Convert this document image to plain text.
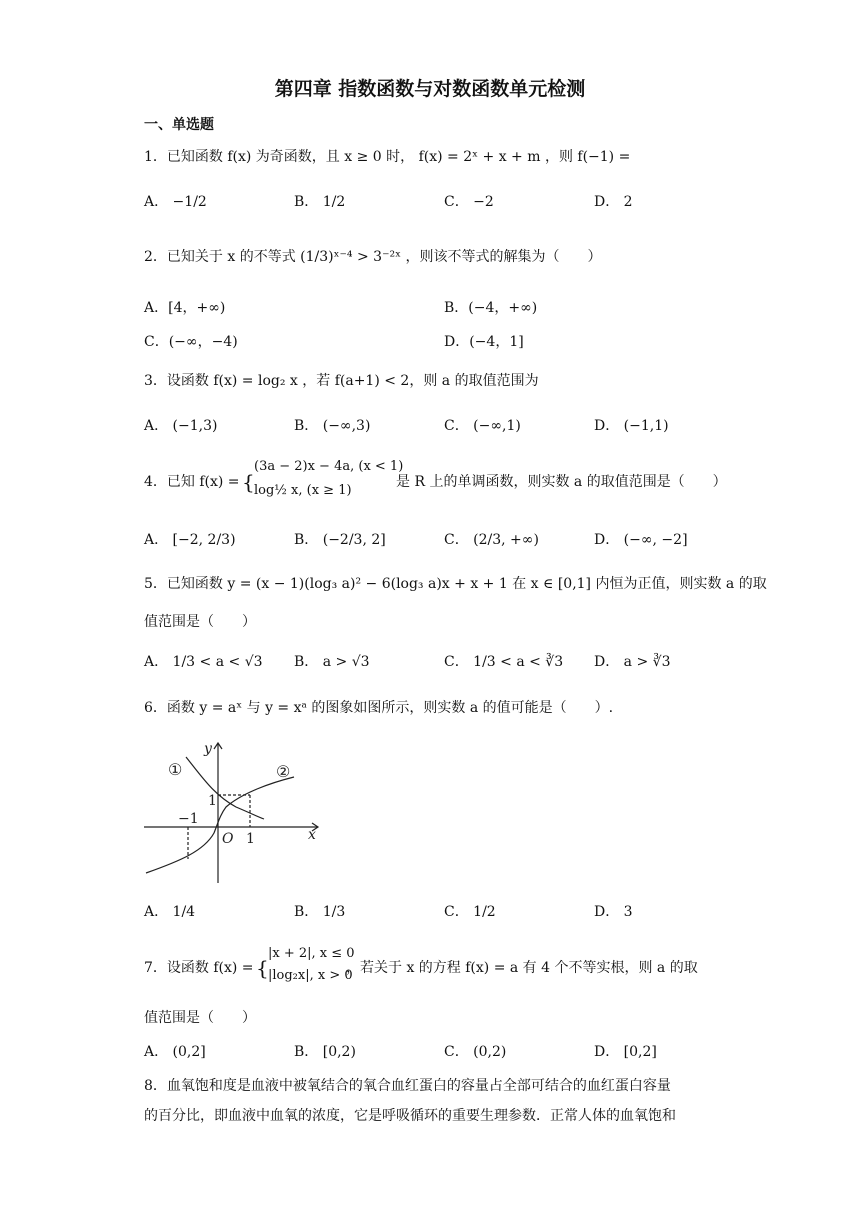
第四章 指数函数与对数函数单元检测
一、单选题
1．已知函数 f(x) 为奇函数，且 x ≥ 0 时， f(x) = 2ˣ + x + m ，则 f(−1) =
A． −1/2	B． 1/2	C． −2	D． 2
2．已知关于 x 的不等式 (1/3)ˣ⁻⁴ > 3⁻²ˣ ，则该不等式的解集为（　　）
A．[4，+∞)	B．(−4，+∞)
C．(−∞，−4)	D．(−4，1]
3．设函数 f(x) = log₂ x ，若 f(a+1) < 2，则 a 的取值范围为
A． (−1,3)	B． (−∞,3)	C． (−∞,1)	D． (−1,1)
4．已知 f(x) = {
(3a − 2)x − 4a, (x < 1)
log½ x, (x ≥ 1)
是 R 上的单调函数，则实数 a 的取值范围是（　　）
A． [−2, 2/3)	B． (−2/3, 2]	C． (2/3, +∞)	D． (−∞, −2]
5．已知函数 y = (x − 1)(log₃ a)² − 6(log₃ a)x + x + 1 在 x ∈ [0,1] 内恒为正值，则实数 a 的取
值范围是（　　）
A． 1/3 < a < √3 B． a > √3	C． 1/3 < a < ∛3 D． a > ∛3
6．函数 y = aˣ 与 y = xᵃ 的图象如图所示，则实数 a 的值可能是（　　）.
y
x
O 1
1
−1
①	②
A． 1/4	B． 1/3	C． 1/2	D． 3
7．设函数 f(x) = {
|x + 2|, x ≤ 0
|log₂x|, x > 0
，若关于 x 的方程 f(x) = a 有 4 个不等实根，则 a 的取
值范围是（　　）
A． (0,2]	B． [0,2)	C． (0,2)	D． [0,2]
8．血氧饱和度是血液中被氧结合的氧合血红蛋白的容量占全部可结合的血红蛋白容量
的百分比，即血液中血氧的浓度，它是呼吸循环的重要生理参数．正常人体的血氧饱和
